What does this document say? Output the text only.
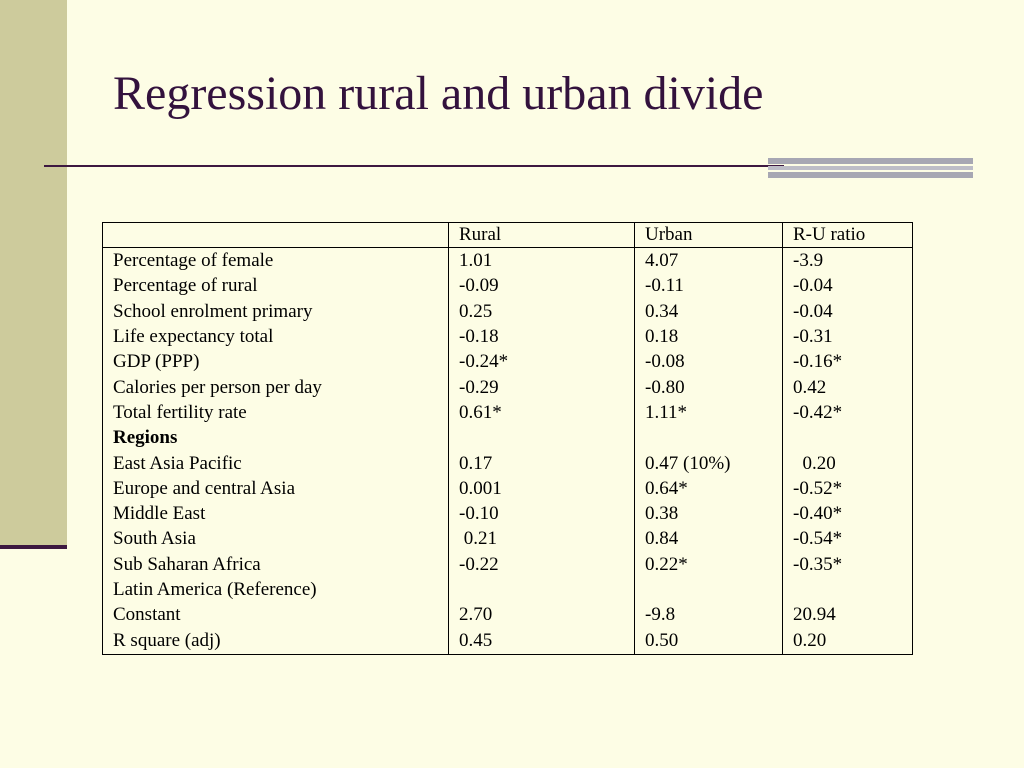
Regression rural and urban divide
	Rural	Urban	R-U ratio
Percentage of female	1.01	4.07	-3.9
Percentage of rural	-0.09	-0.11	-0.04
School enrolment primary	0.25	0.34	-0.04
Life expectancy total	-0.18	0.18	-0.31
GDP (PPP)	-0.24*	-0.08	-0.16*
Calories per person per day	-0.29	-0.80	0.42
Total fertility rate	0.61*	1.11*	-0.42*
Regions			
East Asia Pacific	0.17	0.47 (10%)	0.20
Europe and central Asia	0.001	0.64*	-0.52*
Middle East	-0.10	0.38	-0.40*
South Asia	0.21	0.84	-0.54*
Sub Saharan Africa	-0.22	0.22*	-0.35*
Latin America (Reference)			
Constant	2.70	-9.8	20.94
R square (adj)	0.45	0.50	0.20
